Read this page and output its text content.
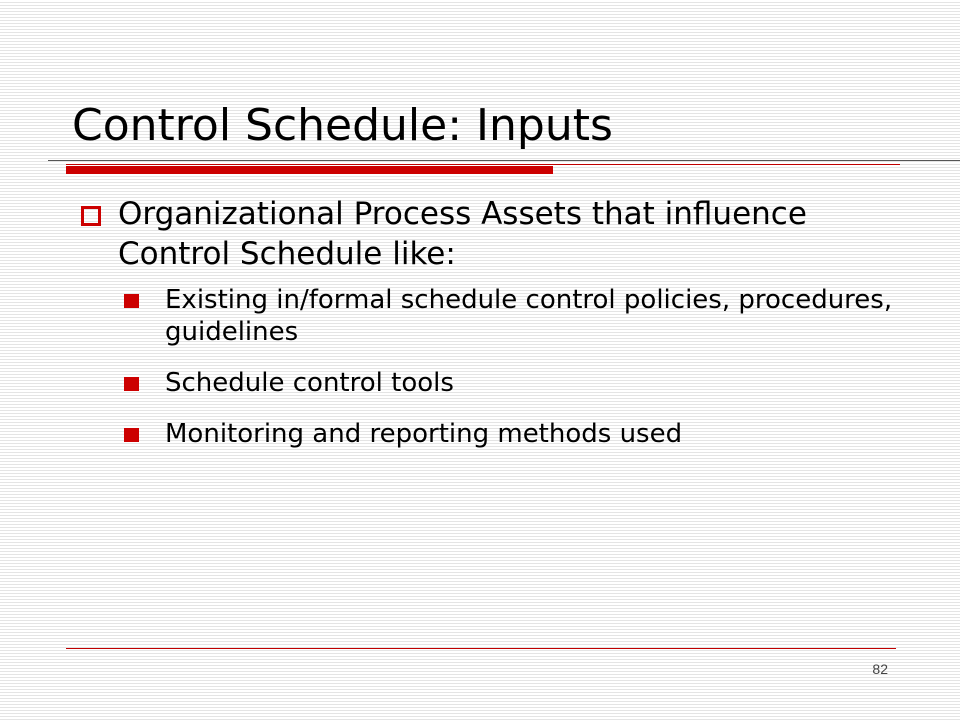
Control Schedule: Inputs
Organizational Process Assets that influence Control Schedule like:
Existing in/formal schedule control policies, procedures, guidelines
Schedule control tools
Monitoring and reporting methods used
82
